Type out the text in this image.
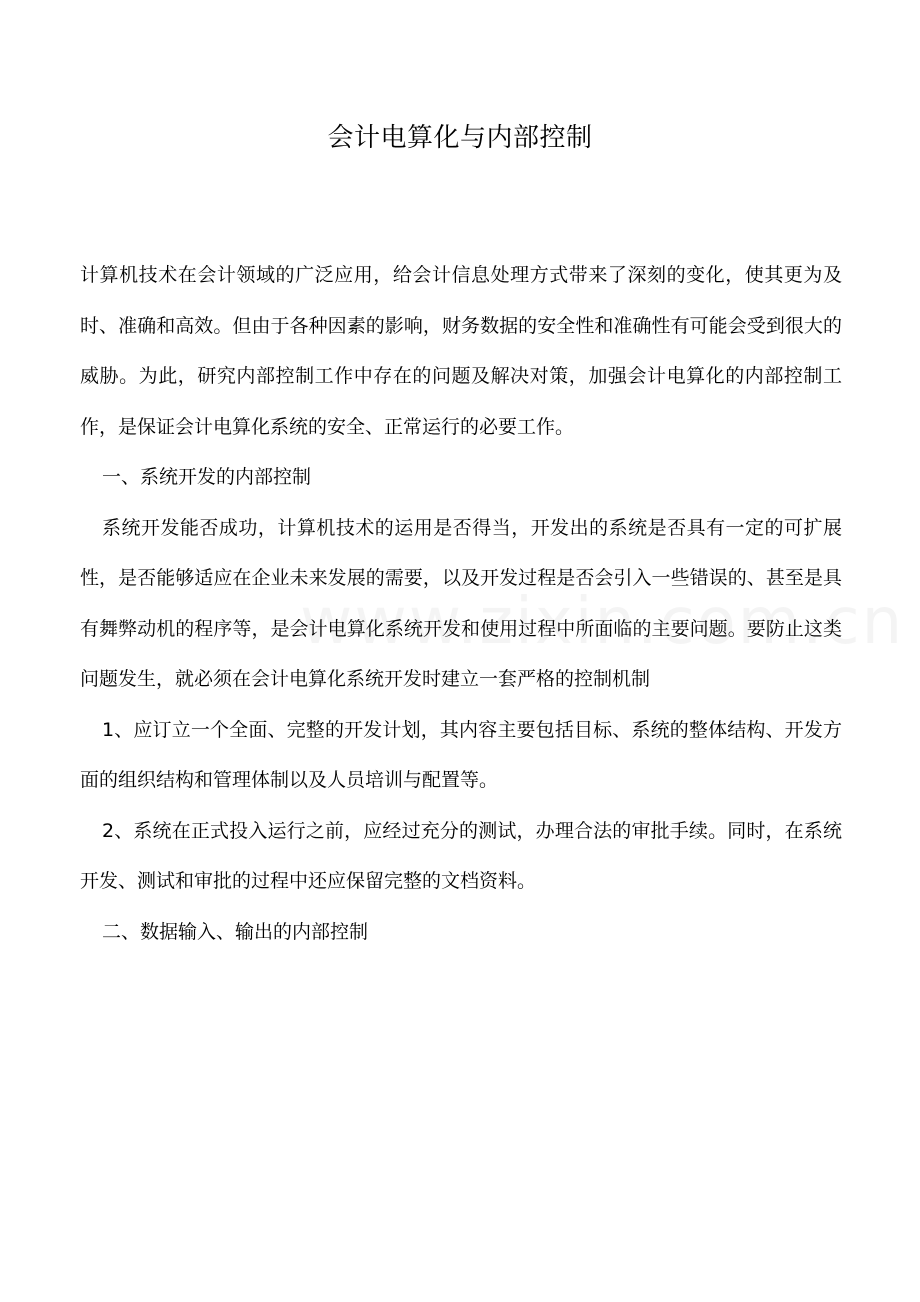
会计电算化与内部控制

计算机技术在会计领域的广泛应用，给会计信息处理方式带来了深刻的变化，使其更为及时、准确和高效。但由于各种因素的影响，财务数据的安全性和准确性有可能会受到很大的威胁。为此，研究内部控制工作中存在的问题及解决对策，加强会计电算化的内部控制工作，是保证会计电算化系统的安全、正常运行的必要工作。

一、系统开发的内部控制

系统开发能否成功，计算机技术的运用是否得当，开发出的系统是否具有一定的可扩展性，是否能够适应在企业未来发展的需要，以及开发过程是否会引入一些错误的、甚至是具有舞弊动机的程序等，是会计电算化系统开发和使用过程中所面临的主要问题。要防止这类问题发生，就必须在会计电算化系统开发时建立一套严格的控制机制

1、应订立一个全面、完整的开发计划，其内容主要包括目标、系统的整体结构、开发方面的组织结构和管理体制以及人员培训与配置等。

2、系统在正式投入运行之前，应经过充分的测试，办理合法的审批手续。同时，在系统开发、测试和审批的过程中还应保留完整的文档资料。

二、数据输入、输出的内部控制
